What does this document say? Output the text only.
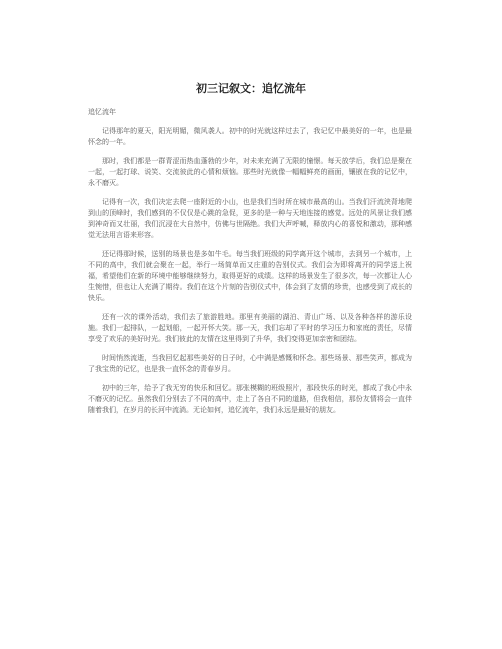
初三记叙文：追忆流年

追忆流年

记得那年的夏天，阳光明媚，微风袭人。初中的时光就这样过去了，我记忆中最美好的一年，也是最怀念的一年。

那时，我们都是一群青涩而热血蓬勃的少年，对未来充满了无限的憧憬。每天放学后，我们总是聚在一起，一起打球、说笑、交流彼此的心情和烦恼。那些时光就像一幅幅鲜亮的画面，镶嵌在我的记忆中，永不磨灭。

记得有一次，我们决定去爬一座附近的小山，也是我们当时所在城市最高的山。当我们汗流浃背地爬到山的顶峰时，我们感到的不仅仅是心跳的急促，更多的是一种与天地连接的感觉。远处的风景让我们感到神奇而又壮丽，我们沉浸在大自然中，仿佛与世隔绝。我们大声呼喊，释放内心的喜悦和激动，那种感觉无法用言语来形容。

还记得那时候，送别的场景也是多如牛毛。每当我们班级的同学离开这个城市，去到另一个城市，上不同的高中，我们就会聚在一起，举行一场简单而又庄重的告别仪式。我们会为即将离开的同学送上祝福，希望他们在新的环境中能够继续努力，取得更好的成绩。这样的场景发生了很多次，每一次都让人心生惋惜，但也让人充满了期待。我们在这个片刻的告别仪式中，体会到了友情的珍贵，也感受到了成长的快乐。

还有一次的课外活动，我们去了旅游胜地。那里有美丽的湖泊、青山广场、以及各种各样的游乐设施。我们一起排队，一起划船，一起开怀大笑。那一天，我们忘却了平时的学习压力和家庭的责任，尽情享受了欢乐的美好时光。我们彼此的友情在这里得到了升华，我们变得更加亲密和团结。

时间悄然流逝，当我回忆起那些美好的日子时，心中满是感慨和怀念。那些场景、那些笑声，都成为了我宝贵的记忆，也是我一直怀念的青春岁月。

初中的三年，给予了我无穷的快乐和回忆。那张模糊的班级照片，那段快乐的时光，都成了我心中永不磨灭的记忆。虽然我们分别去了不同的高中，走上了各自不同的道路，但我相信，那份友情将会一直伴随着我们，在岁月的长河中流淌。无论如何，追忆流年，我们永远是最好的朋友。
